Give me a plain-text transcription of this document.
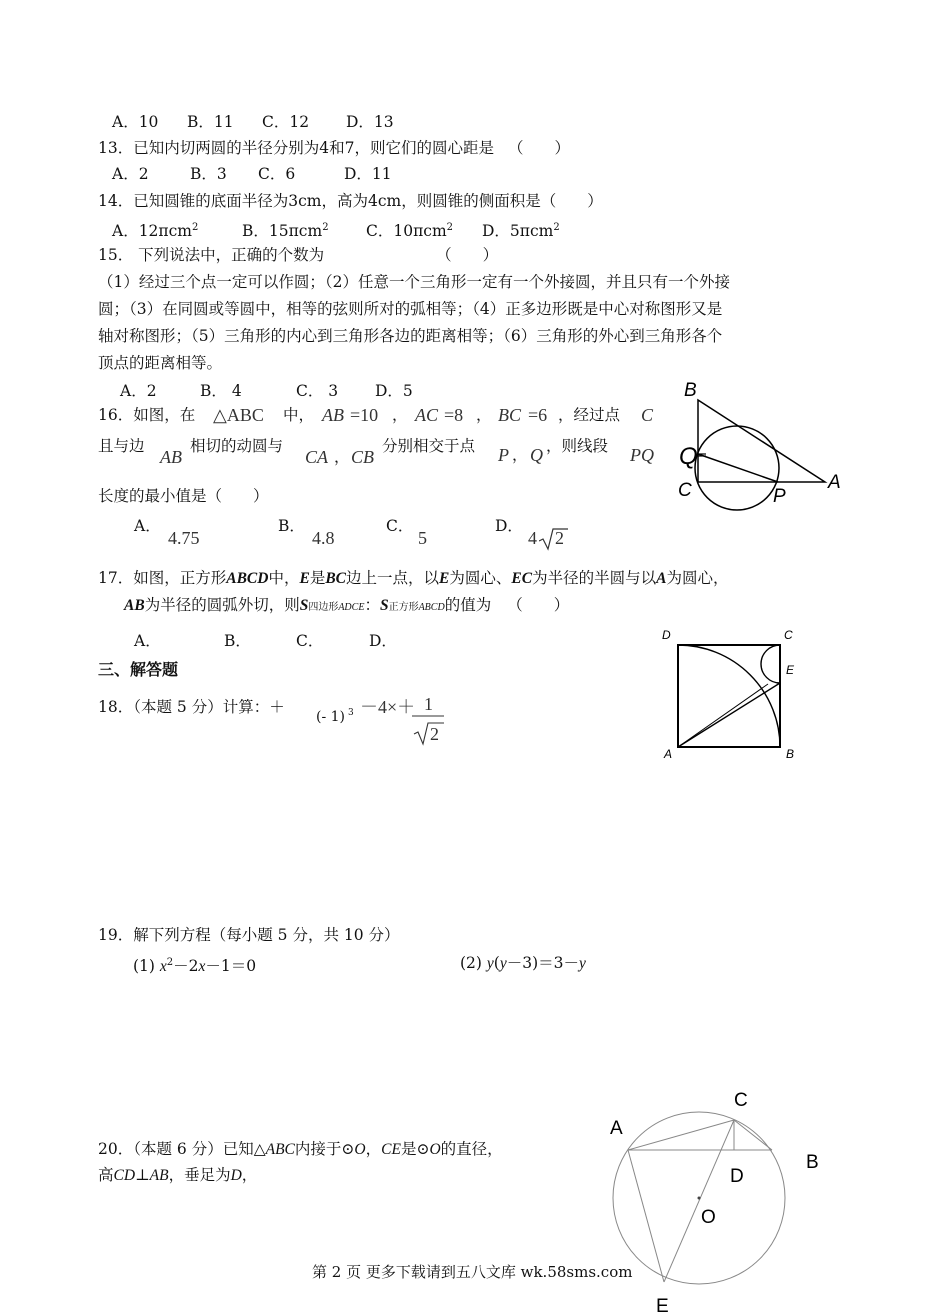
A．10 B．11 C．12 D．13
13．已知内切两圆的半径分别为4和7，则它们的圆心距是 （　　）
A．2	B．3 C．6	D．11
14．已知圆锥的底面半径为3cm，高为4cm，则圆锥的侧面积是（　　）
A．12πcm$^2$	B．15πcm$^2$ C．10πcm$^2$ D．5πcm$^2$
15． 下列说法中，正确的个数为	（　　）
（1）经过三个点一定可以作圆；（2）任意一个三角形一定有一个外接圆，并且只有一个外接
圆；（3）在同圆或等圆中，相等的弦则所对的弧相等；（4）正多边形既是中心对称图形又是
轴对称图形；（5）三角形的内心到三角形各边的距离相等；（6）三角形的外心到三角形各个
顶点的距离相等。
A．2	B． 4	C． 3 D．5
16．如图，在 △ABC 中， AB =10 ， AC =8 ， BC =6 ，经过点 C
且与边
AB
相切的动圆与
CA ， CB
分别相交于点 P ， Q ，则线段 PQ
长度的最小值是（　　）
A．
4.75
B．
4.8
C．
5
D．
4 2
B
Q
C	P
A
17．如图，正方形ABCD中，E是BC边上一点，以E为圆心、EC为半径的半圆与以A为圆心，
AB为半径的圆弧外切，则S四边形ADCE：S正方形ABCD的值为 （　　）
A．	B．	C．	D．	D	C
E
A	B
三、解答题
18．（本题 5 分）计算：＋
(- 1) 3 －4×＋ 1
2
19．解下列方程（每小题 5 分，共 10 分）
(1) $x^2-2x-1=0$	(2) y(y－3)＝3－y
20．（本题 6 分）已知△ABC内接于⊙O，CE是⊙O的直径，
高CD⊥AB，垂足为D，
A
B
C
D
O
E
第 2 页 更多下载请到五八文库 wk.58sms.com
